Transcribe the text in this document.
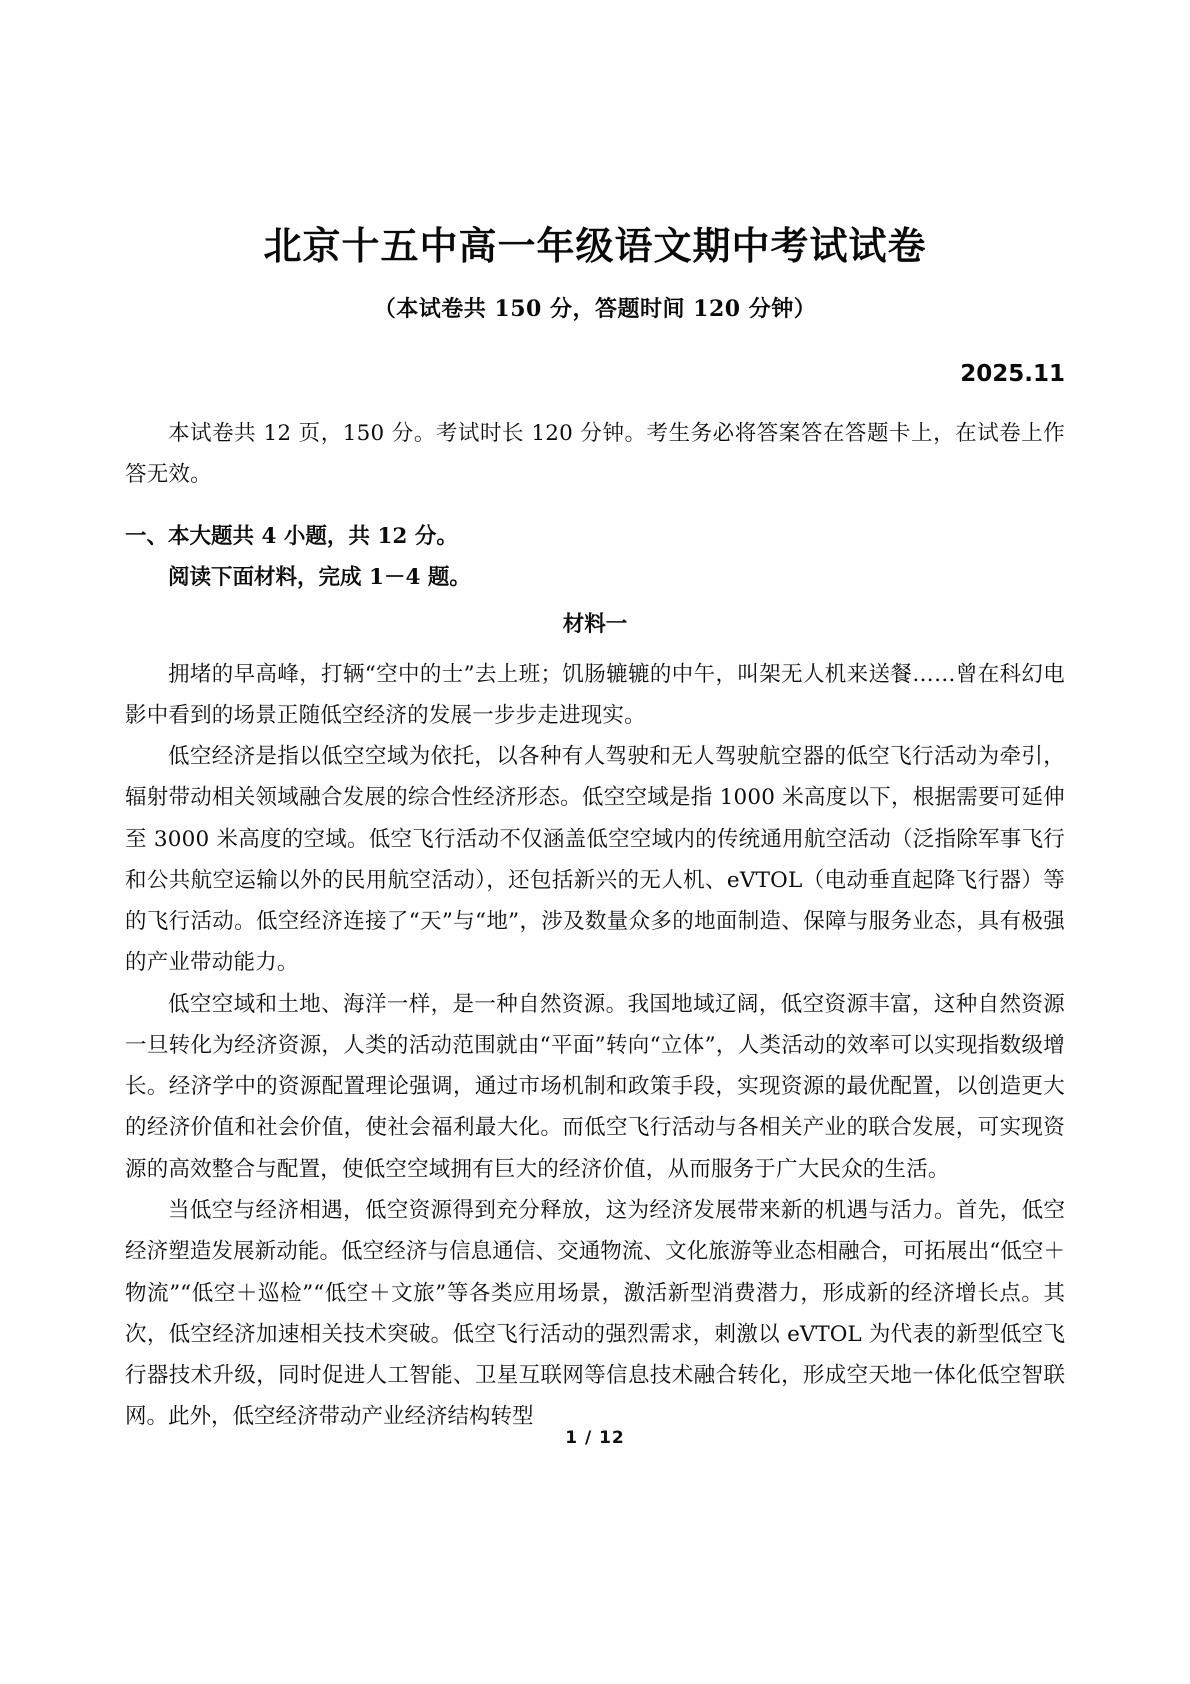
北京十五中高一年级语文期中考试试卷

（本试卷共 150 分，答题时间 120 分钟）

2025.11

本试卷共 12 页，150 分。考试时长 120 分钟。考生务必将答案答在答题卡上，在试卷上作答无效。

一、本大题共 4 小题，共 12 分。

阅读下面材料，完成 1－4 题。

材料一

拥堵的早高峰，打辆“空中的士”去上班；饥肠辘辘的中午，叫架无人机来送餐……曾在科幻电影中看到的场景正随低空经济的发展一步步走进现实。

低空经济是指以低空空域为依托，以各种有人驾驶和无人驾驶航空器的低空飞行活动为牵引，辐射带动相关领域融合发展的综合性经济形态。低空空域是指 1000 米高度以下，根据需要可延伸至 3000 米高度的空域。低空飞行活动不仅涵盖低空空域内的传统通用航空活动（泛指除军事飞行和公共航空运输以外的民用航空活动），还包括新兴的无人机、eVTOL（电动垂直起降飞行器）等的飞行活动。低空经济连接了“天”与“地”，涉及数量众多的地面制造、保障与服务业态，具有极强的产业带动能力。

低空空域和土地、海洋一样，是一种自然资源。我国地域辽阔，低空资源丰富，这种自然资源一旦转化为经济资源，人类的活动范围就由“平面”转向“立体”，人类活动的效率可以实现指数级增长。经济学中的资源配置理论强调，通过市场机制和政策手段，实现资源的最优配置，以创造更大的经济价值和社会价值，使社会福利最大化。而低空飞行活动与各相关产业的联合发展，可实现资源的高效整合与配置，使低空空域拥有巨大的经济价值，从而服务于广大民众的生活。

当低空与经济相遇，低空资源得到充分释放，这为经济发展带来新的机遇与活力。首先，低空经济塑造发展新动能。低空经济与信息通信、交通物流、文化旅游等业态相融合，可拓展出“低空＋物流”“低空＋巡检”“低空＋文旅”等各类应用场景，激活新型消费潜力，形成新的经济增长点。其次，低空经济加速相关技术突破。低空飞行活动的强烈需求，刺激以 eVTOL 为代表的新型低空飞行器技术升级，同时促进人工智能、卫星互联网等信息技术融合转化，形成空天地一体化低空智联网。此外，低空经济带动产业经济结构转型

1 / 12
